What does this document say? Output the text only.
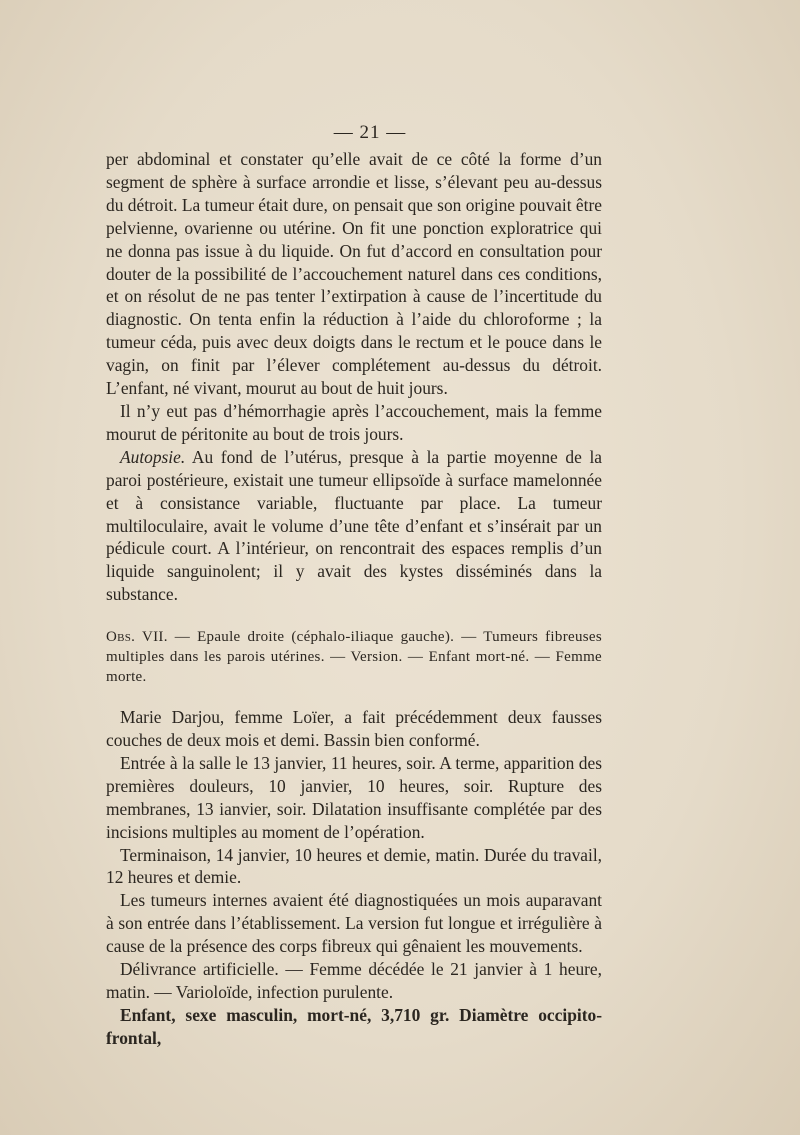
— 21 —

per abdominal et constater qu’elle avait de ce côté la forme d’un segment de sphère à surface arrondie et lisse, s’élevant peu au-dessus du détroit. La tumeur était dure, on pensait que son origine pouvait être pelvienne, ovarienne ou utérine. On fit une ponction exploratrice qui ne donna pas issue à du liquide. On fut d’accord en consultation pour douter de la possibilité de l’accouchement naturel dans ces conditions, et on résolut de ne pas tenter l’extirpation à cause de l’incertitude du diagnostic. On tenta enfin la réduction à l’aide du chloroforme ; la tumeur céda, puis avec deux doigts dans le rectum et le pouce dans le vagin, on finit par l’élever complétement au-dessus du détroit. L’enfant, né vivant, mourut au bout de huit jours.

Il n’y eut pas d’hémorrhagie après l’accouchement, mais la femme mourut de péritonite au bout de trois jours.

Autopsie. Au fond de l’utérus, presque à la partie moyenne de la paroi postérieure, existait une tumeur ellipsoïde à surface mamelonnée et à consistance variable, fluctuante par place. La tumeur multiloculaire, avait le volume d’une tête d’enfant et s’insérait par un pédicule court. A l’intérieur, on rencontrait des espaces remplis d’un liquide sanguinolent; il y avait des kystes disséminés dans la substance.

Obs. VII. — Epaule droite (céphalo-iliaque gauche). — Tumeurs fibreuses multiples dans les parois utérines. — Version. — Enfant mort-né. — Femme morte.

Marie Darjou, femme Loïer, a fait précédemment deux fausses couches de deux mois et demi. Bassin bien conformé.

Entrée à la salle le 13 janvier, 11 heures, soir. A terme, apparition des premières douleurs, 10 janvier, 10 heures, soir. Rupture des membranes, 13 ianvier, soir. Dilatation insuffisante complétée par des incisions multiples au moment de l’opération.

Terminaison, 14 janvier, 10 heures et demie, matin. Durée du travail, 12 heures et demie.

Les tumeurs internes avaient été diagnostiquées un mois auparavant à son entrée dans l’établissement. La version fut longue et irrégulière à cause de la présence des corps fibreux qui gênaient les mouvements.

Délivrance artificielle. — Femme décédée le 21 janvier à 1 heure, matin. — Varioloïde, infection purulente.

Enfant, sexe masculin, mort-né, 3,710 gr. Diamètre occipito-frontal,
